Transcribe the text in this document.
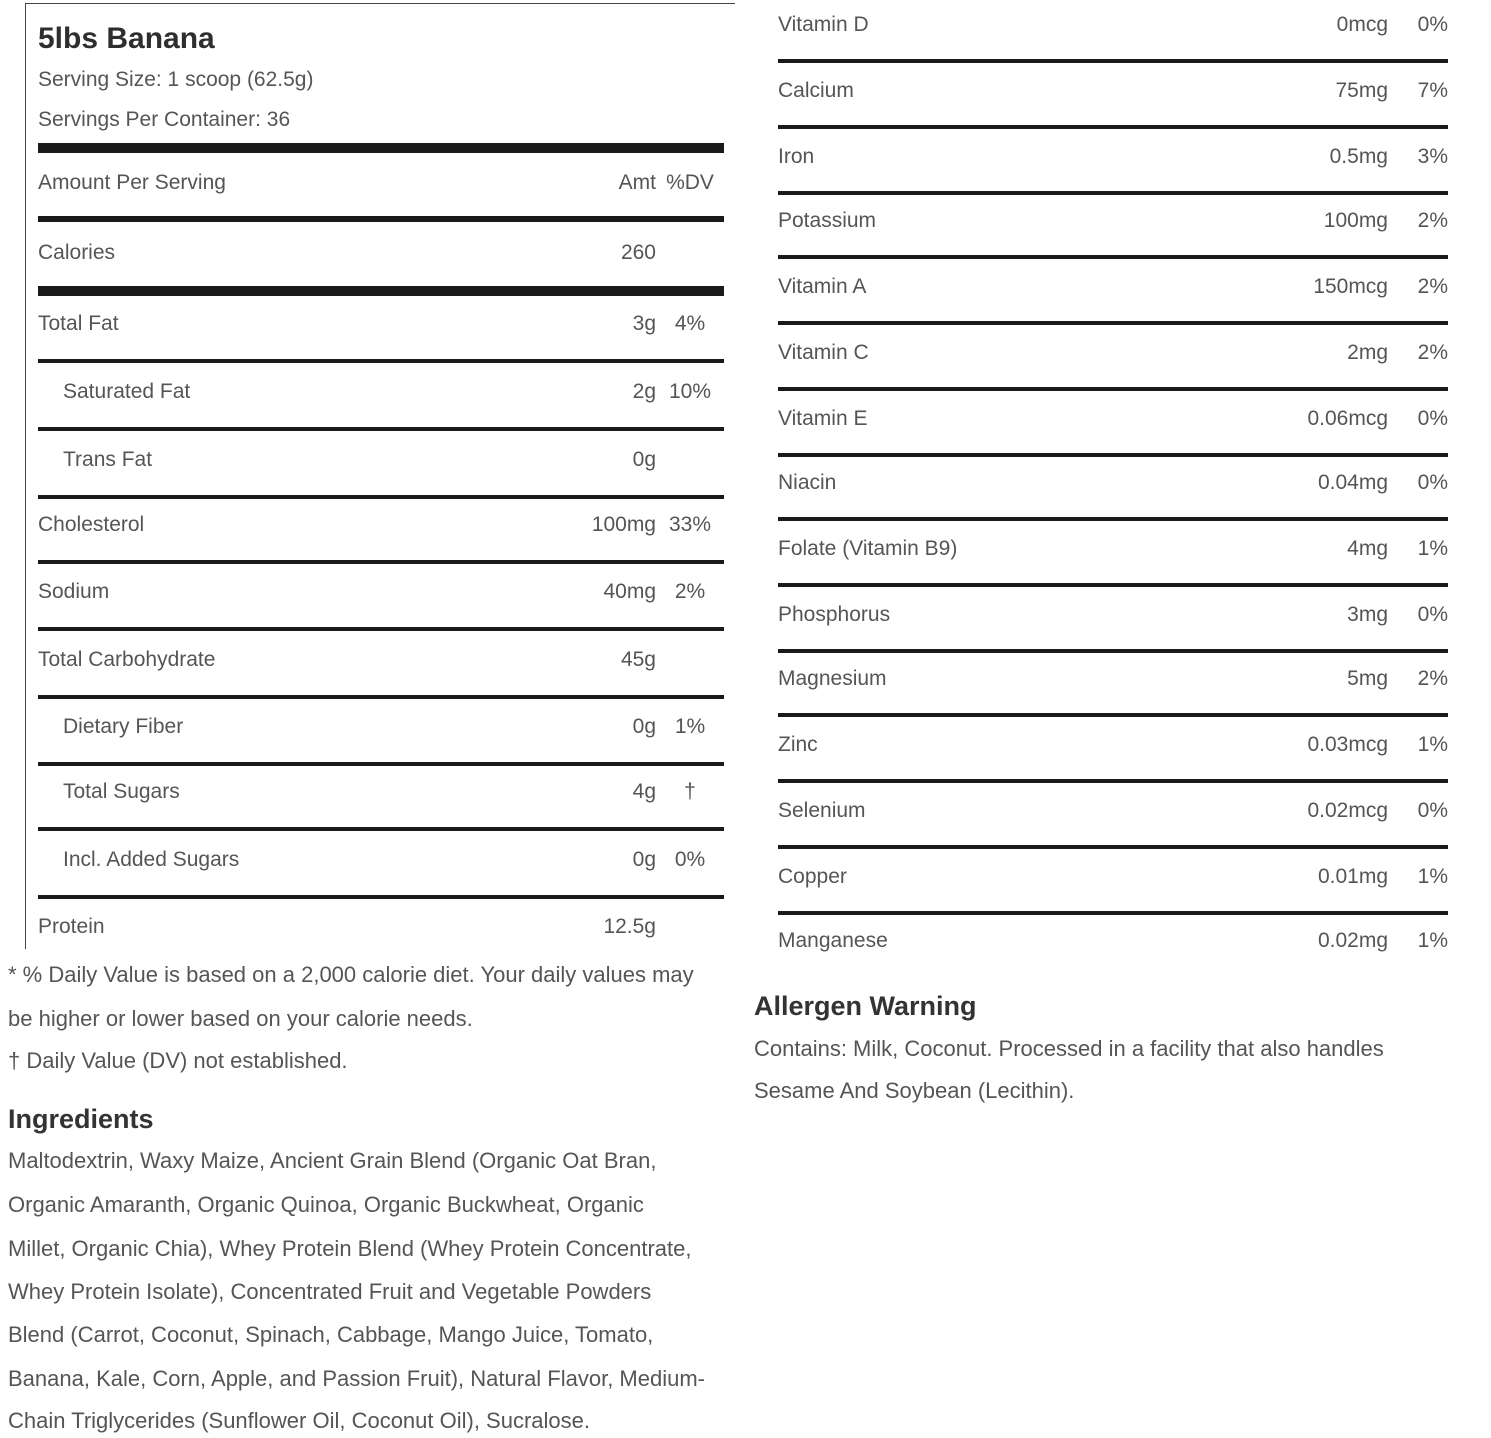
5lbs Banana
Serving Size: 1 scoop (62.5g)
Servings Per Container: 36
Amount Per Serving	Amt %DV
Calories	260
Total Fat	3g 4%
Saturated Fat	2g 10%
Trans Fat	0g
Cholesterol	100mg 33%
Sodium	40mg 2%
Total Carbohydrate	45g
Dietary Fiber	0g 1%
Total Sugars	4g	†
Incl. Added Sugars	0g 0%
Protein	12.5g
Vitamin D	0mcg	0%
Calcium	75mg	7%
Iron	0.5mg	3%
Potassium	100mg	2%
Vitamin A	150mcg	2%
Vitamin C	2mg	2%
Vitamin E	0.06mcg	0%
Niacin	0.04mg	0%
Folate (Vitamin B9)	4mg	1%
Phosphorus	3mg	0%
Magnesium	5mg	2%
Zinc	0.03mcg	1%
Selenium	0.02mcg	0%
Copper	0.01mg	1%
Manganese	0.02mg	1%
* % Daily Value is based on a 2,000 calorie diet. Your daily values may
be higher or lower based on your calorie needs.
† Daily Value (DV) not established.
Ingredients
Maltodextrin, Waxy Maize, Ancient Grain Blend (Organic Oat Bran,
Organic Amaranth, Organic Quinoa, Organic Buckwheat, Organic
Millet, Organic Chia), Whey Protein Blend (Whey Protein Concentrate,
Whey Protein Isolate), Concentrated Fruit and Vegetable Powders
Blend (Carrot, Coconut, Spinach, Cabbage, Mango Juice, Tomato,
Banana, Kale, Corn, Apple, and Passion Fruit), Natural Flavor, Medium-
Chain Triglycerides (Sunflower Oil, Coconut Oil), Sucralose.
Allergen Warning
Contains: Milk, Coconut. Processed in a facility that also handles
Sesame And Soybean (Lecithin).
